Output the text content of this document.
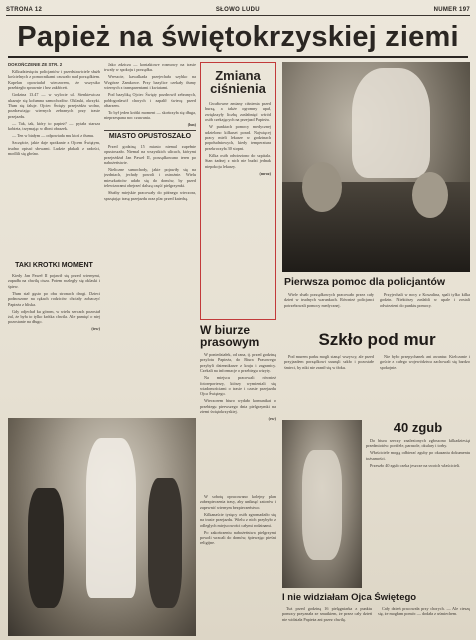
STRONA 12	SŁOWO LUDU	NUMER 197
Papież na świętokrzyskiej ziemi

DOKOŃCZENIE ZE STR. 2

Kilkudziesięciu policjantów i przedstawiciele służb kościelnych z pomocnikami czuwało nad porządkiem. Kapelan opowiadał wieczorem, że wszystko przebiegło sprawnie i bez zakłóceń.

Godzina 13.47 — w wylocie ul. Sienkiewicza ukazuje się kolumna samochodów. Oklaski, okrzyki. Tłum się faluje. Ojciec Święty przejeżdża wolno, pozdrawiając wiernych zebranych przy trasie przejazdu.

— Tak, tak, który to papież? — pytała starsza kobieta, trzymając w dłoni obrazek.

— Ten w białym — odpowiada mu ktoś z tłumu.

Szczęście, jakie daje spotkanie z Ojcem Świętym, trudno opisać słowami. Ludzie płakali z radości, modlili się głośno.

TAKI KRÓTKI MOMENT

Kiedy Jan Paweł II pojawił się przed wiernymi, zapadła na chwilę cisza. Potem rozległy się oklaski i śpiew.

Tłum stał gęsto po obu stronach drogi. Dzieci podnoszone na rękach rodziców chciały zobaczyć Papieża z bliska.

Gdy odjechał ku górom, w wielu sercach pozostał żal, że była to tylko krótka chwila. Ale pamięć o niej pozostanie na długo.

(tew)

Jako zdzicza — kontaktowe rozmowy na trasie trwały w spokoju i porządku.

Wreszcie, kawalkada przejechała szybko na Wzgórze Zamkowe. Przy bazylice czekały tłumy wiernych z transparentami i kwiatami.

Pod bazyliką Ojciec Święty pozdrowił zebranych, pobłogosławił chorych i zapalił świecę przed ołtarzem.

To był jeden krótki moment — skończyła się długa, nieprzespana noc czuwania.

(lun)
MIASTO OPUSTOSZAŁO

Przed godziną 15 miasto niemal zupełnie opustoszało. Niemal na wszystkich ulicach, którymi przejeżdżał Jan Paweł II, porządkowano teren po nabożeństwie.

Nieliczne samochody, jakie pojawiły się na jezdniach, jechały powoli i ostrożnie. Wielu mieszkańców udało się do domów, by przed telewizorami obejrzeć dalszą część pielgrzymki.

Służby miejskie pracowały do późnego wieczora, sprzątając trasę przejazdu oraz plac przed katedrą.

Zmiana
ciśnienia

Gwałtowne zmiany ciśnienia przed burzą, a także ogromny upał, zwiększyły liczbę zasłabnięć wśród osób czekających na przejazd Papieża.

W punktach pomocy medycznej udzielono kilkuset porad. Najwięcej pracy mieli lekarze w godzinach popołudniowych, kiedy temperatura przekroczyła 30 stopni.

Kilka osób odwieziono do szpitala. Stan żadnej z nich nie budzi jednak niepokoju lekarzy.

(mroz)
W biurze
prasowym

W poniedziałek, od rana, tj. przed godziną przylotu Papieża, do Biura Prasowego przybyli dziennikarze z kraju i zagranicy. Czekali na informacje o przebiegu wizyty.

Na miejscu pracowali również fotoreporterzy, którzy wymieniali się wiadomościami o trasie i czasie przejazdu Ojca Świętego.

Wieczorem biuro wydało komunikat o przebiegu pierwszego dnia pielgrzymki na ziemi świętokrzyskiej.

(ew)
Pierwsza pomoc dla policjantów

Wiele służb porządkowych pracowało przez cały dzień w trudnych warunkach. Również policjanci potrzebowali pomocy medycznej.

Przyjechali w nocy z Koszalina, spali tylko kilka godzin. Niektórzy zasłabli w upale i zostali odwiezieni do punktu pomocy.

Szkło pod mur

Pod murem parku mogli stanąć wszyscy, ale przed przyjazdem porządkowi usunęli szkło i pozostałe śmieci, by nikt nie zranił się w tłoku.

Nie było przepychanek ani awantur. Kielczanie i goście z całego województwa zachowali się bardzo spokojnie.

W sobotę opracowano kolejny plan zabezpieczenia trasy, aby uniknąć zatorów i zapewnić wiernym bezpieczeństwo.

Kilkanaście tysięcy osób zgromadziło się na trasie przejazdu. Wielu z nich przybyło z odległych miejscowości całymi rodzinami.

Po zakończeniu nabożeństwa pielgrzymi powoli wracali do domów, śpiewając pieśni religijne.

40 zgub

Do biura rzeczy znalezionych zgłoszono kilkadziesiąt przedmiotów: portfele, parasole, okulary i torby.

Właściciele mogą odbierać zguby po okazaniu dokumentu tożsamości.

Przeszło 40 zgub czeka jeszcze na swoich właścicieli.

I nie widziałam Ojca Świętego

Tuż przed godziną 16 pielęgniarka z punktu pomocy przyznała ze smutkiem, że przez cały dzień nie widziała Papieża ani przez chwilę.

Cały dzień pracowała przy chorych. — Ale cieszę się, że mogłam pomóc — dodała z uśmiechem.
